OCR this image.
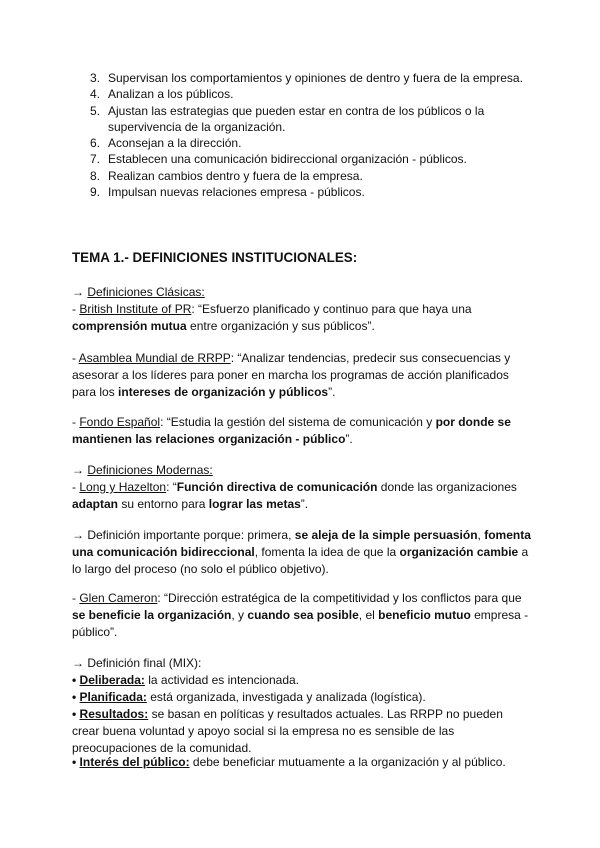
3. Supervisan los comportamientos y opiniones de dentro y fuera de la empresa.
4. Analizan a los públicos.
5. Ajustan las estrategias que pueden estar en contra de los públicos o la supervivencia de la organización.
6. Aconsejan a la dirección.
7. Establecen una comunicación bidireccional organización - públicos.
8. Realizan cambios dentro y fuera de la empresa.
9. Impulsan nuevas relaciones empresa - públicos.
TEMA 1.- DEFINICIONES INSTITUCIONALES:
→ Definiciones Clásicas:
- British Institute of PR: “Esfuerzo planificado y continuo para que haya una comprensión mutua entre organización y sus públicos”.
- Asamblea Mundial de RRPP: “Analizar tendencias, predecir sus consecuencias y asesorar a los líderes para poner en marcha los programas de acción planificados para los intereses de organización y públicos”.
- Fondo Español: “Estudia la gestión del sistema de comunicación y por donde se mantienen las relaciones organización - público”.
→ Definiciones Modernas:
- Long y Hazelton: “Función directiva de comunicación donde las organizaciones adaptan su entorno para lograr las metas”.
→ Definición importante porque: primera, se aleja de la simple persuasión, fomenta una comunicación bidireccional, fomenta la idea de que la organización cambie a lo largo del proceso (no solo el público objetivo).
- Glen Cameron: “Dirección estratégica de la competitividad y los conflictos para que se beneficie la organización, y cuando sea posible, el beneficio mutuo empresa - público”.
→ Definición final (MIX):
• Deliberada: la actividad es intencionada.
• Planificada: está organizada, investigada y analizada (logística).
• Resultados: se basan en políticas y resultados actuales. Las RRPP no pueden crear buena voluntad y apoyo social si la empresa no es sensible de las preocupaciones de la comunidad.
• Interés del público: debe beneficiar mutuamente a la organización y al público.
